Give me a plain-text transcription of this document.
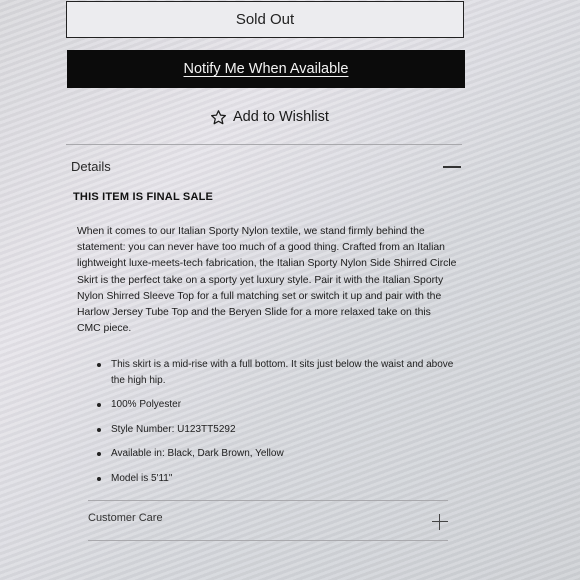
Sold Out
Notify Me When Available
Add to Wishlist
Details
THIS ITEM IS FINAL SALE
When it comes to our Italian Sporty Nylon textile, we stand firmly behind the statement: you can never have too much of a good thing. Crafted from an Italian lightweight luxe-meets-tech fabrication, the Italian Sporty Nylon Side Shirred Circle Skirt is the perfect take on a sporty yet luxury style. Pair it with the Italian Sporty Nylon Shirred Sleeve Top for a full matching set or switch it up and pair with the Harlow Jersey Tube Top and the Beryen Slide for a more relaxed take on this CMC piece.
This skirt is a mid-rise with a full bottom. It sits just below the waist and above the high hip.
100% Polyester
Style Number: U123TT5292
Available in: Black, Dark Brown, Yellow
Model is 5'11"
Customer Care
